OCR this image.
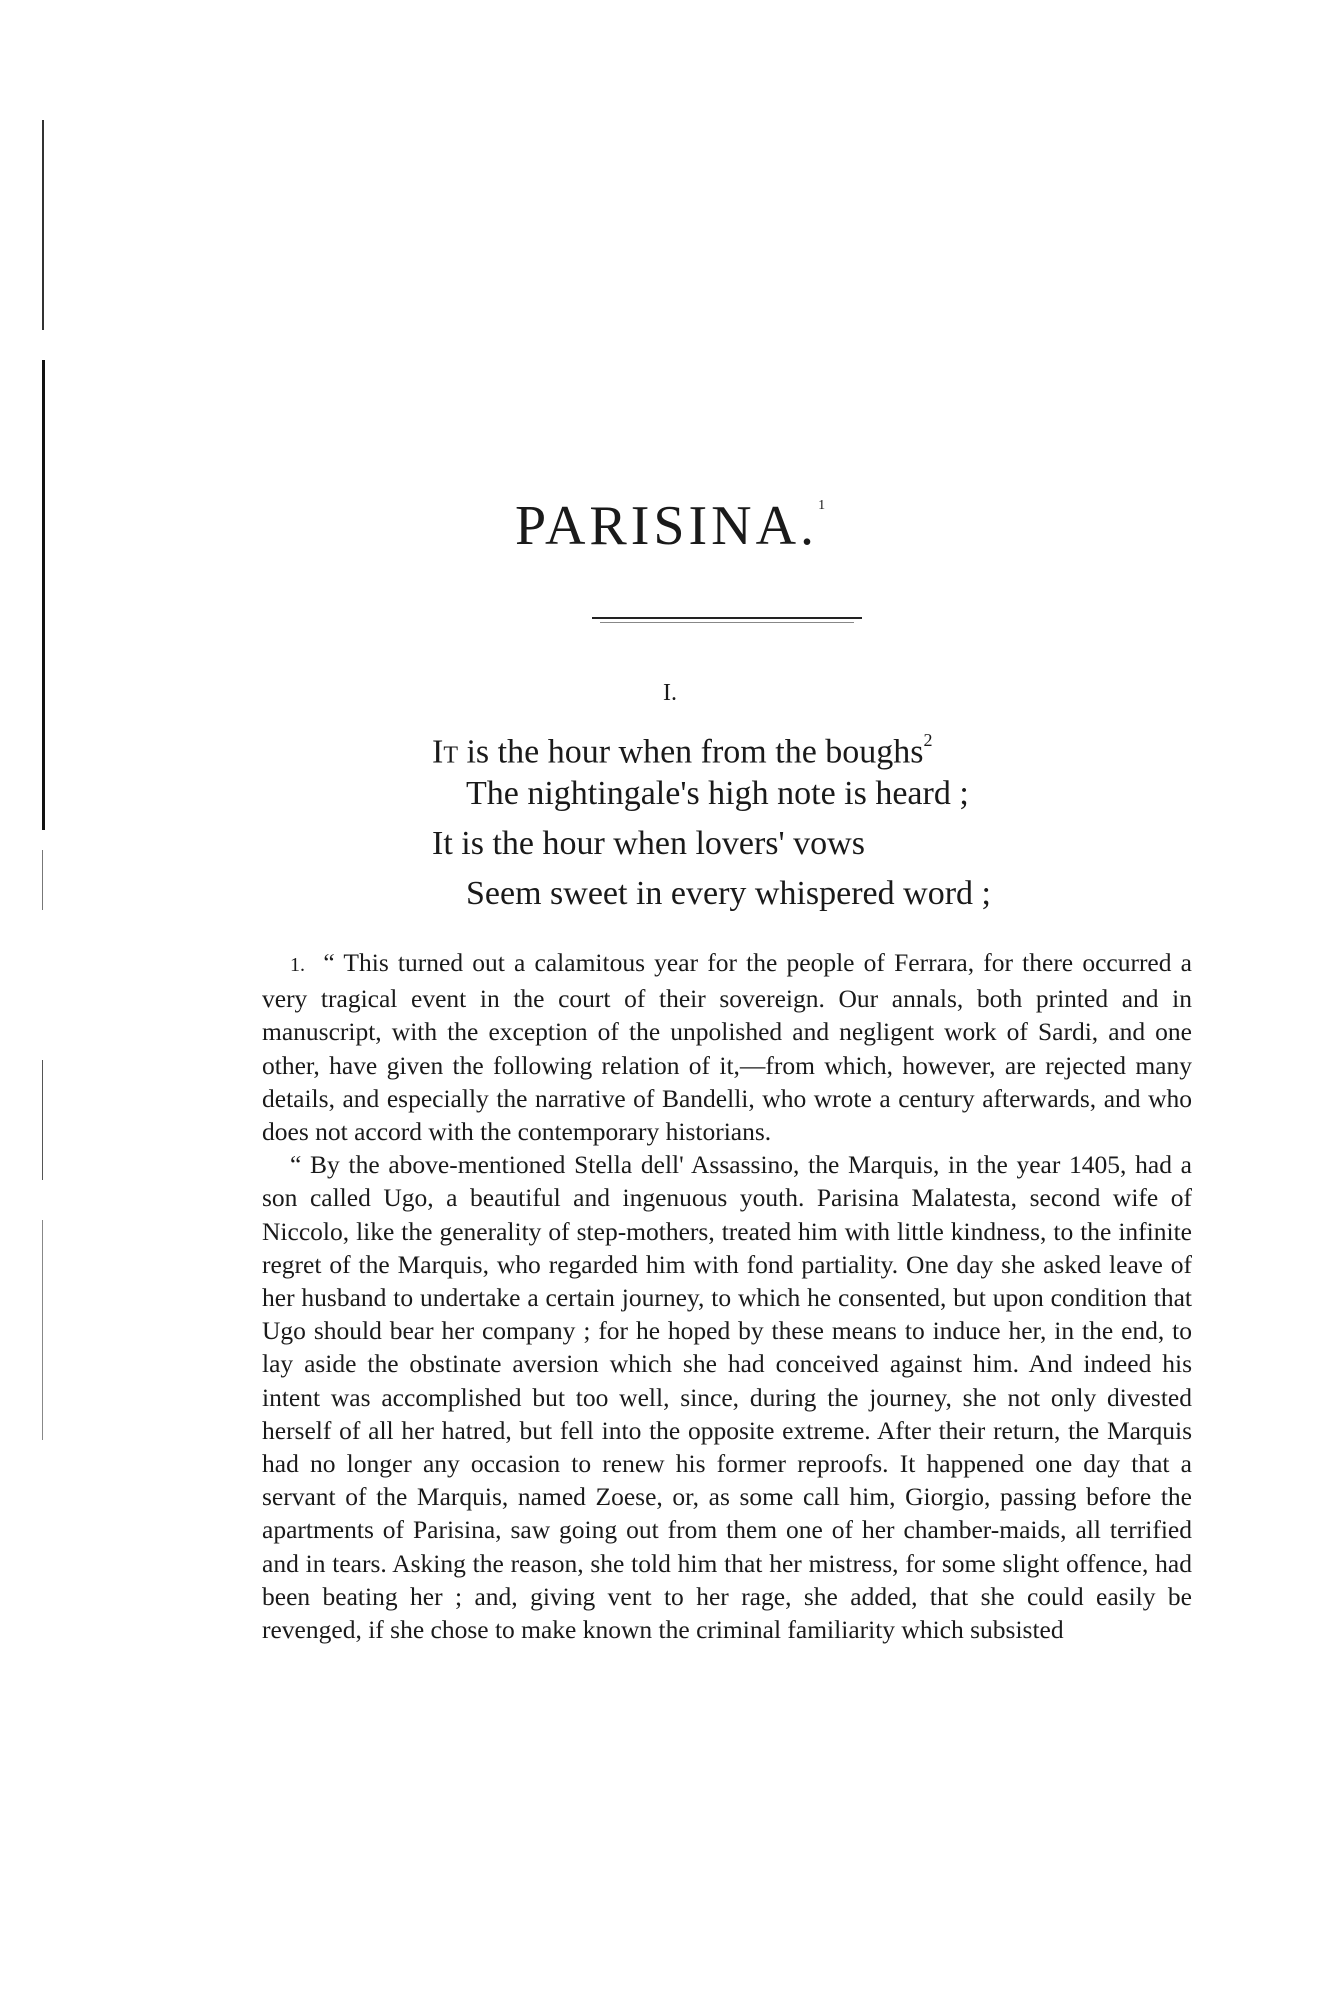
PARISINA.$^1$
I.
It is the hour when from the boughs$^2$
The nightingale's high note is heard ;
It is the hour when lovers' vows
Seem sweet in every whispered word ;

1. “ This turned out a calamitous year for the people of Ferrara, for there occurred a very tragical event in the court of their sovereign. Our annals, both printed and in manuscript, with the exception of the unpolished and negligent work of Sardi, and one other, have given the following relation of it,—from which, however, are rejected many details, and especially the narrative of Bandelli, who wrote a century afterwards, and who does not accord with the contemporary historians.

“ By the above-mentioned Stella dell' Assassino, the Marquis, in the year 1405, had a son called Ugo, a beautiful and ingenuous youth. Parisina Malatesta, second wife of Niccolo, like the generality of step-mothers, treated him with little kindness, to the infinite regret of the Marquis, who regarded him with fond partiality. One day she asked leave of her husband to undertake a certain journey, to which he consented, but upon condition that Ugo should bear her company ; for he hoped by these means to induce her, in the end, to lay aside the obstinate aversion which she had conceived against him. And indeed his intent was accomplished but too well, since, during the journey, she not only divested herself of all her hatred, but fell into the opposite extreme. After their return, the Marquis had no longer any occasion to renew his former reproofs. It happened one day that a servant of the Marquis, named Zoese, or, as some call him, Giorgio, passing before the apartments of Parisina, saw going out from them one of her chamber-maids, all terrified and in tears. Asking the reason, she told him that her mistress, for some slight offence, had been beating her ; and, giving vent to her rage, she added, that she could easily be revenged, if she chose to make known the criminal familiarity which subsisted
